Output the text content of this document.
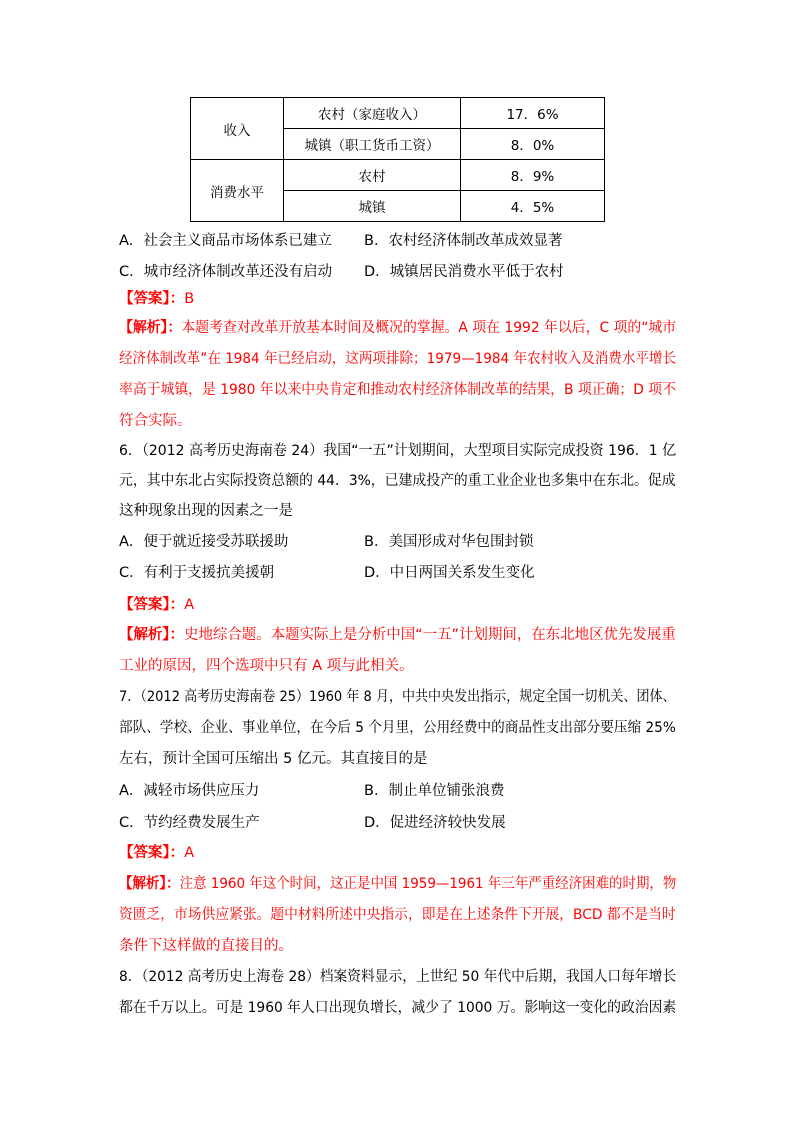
收入	农村（家庭收入）	17．6%
	城镇（职工货币工资）	8．0%
消费水平	农村	8．9%
	城镇	4．5%
A．社会主义商品市场体系已建立 B．农村经济体制改革成效显著
C．城市经济体制改革还没有启动 D．城镇居民消费水平低于农村
【答案】：B
【解析】：本题考查对改革开放基本时间及概况的掌握。A 项在 1992 年以后，C 项的“城市
经济体制改革”在 1984 年已经启动，这两项排除；1979—1984 年农村收入及消费水平增长
率高于城镇，是 1980 年以来中央肯定和推动农村经济体制改革的结果，B 项正确；D 项不
符合实际。
6．（2012 高考历史海南卷 24）我国“一五”计划期间，大型项目实际完成投资 196．1 亿
元，其中东北占实际投资总额的 44．3%，已建成投产的重工业企业也多集中在东北。促成
这种现象出现的因素之一是
A．便于就近接受苏联援助	B．美国形成对华包围封锁
C．有利于支援抗美援朝	D．中日两国关系发生变化
【答案】：A
【解析】：史地综合题。本题实际上是分析中国“一五”计划期间，在东北地区优先发展重
工业的原因，四个选项中只有 A 项与此相关。
7．（2012 高考历史海南卷 25）1960 年 8 月，中共中央发出指示，规定全国一切机关、团体、
部队、学校、企业、事业单位，在今后 5 个月里，公用经费中的商品性支出部分要压缩 25%
左右，预计全国可压缩出 5 亿元。其直接目的是
A．减轻市场供应压力	B．制止单位铺张浪费
C．节约经费发展生产	D．促进经济较快发展
【答案】：A
【解析】：注意 1960 年这个时间，这正是中国 1959—1961 年三年严重经济困难的时期，物
资匮乏，市场供应紧张。题中材料所述中央指示，即是在上述条件下开展，BCD 都不是当时
条件下这样做的直接目的。
8．（2012 高考历史上海卷 28）档案资料显示，上世纪 50 年代中后期，我国人口每年增长
都在千万以上。可是 1960 年人口出现负增长，减少了 1000 万。影响这一变化的政治因素
